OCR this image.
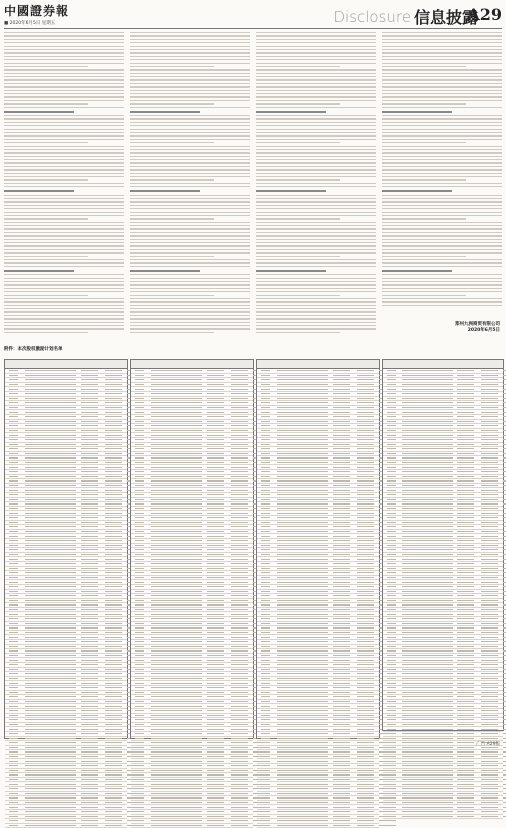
中國證券報
■ 2020年6月5日 星期五	Disclosure 信息披露
A29
郑州九洲商贸有限公司
2020年6月5日
附件：本次股权激励计划名单
广告 A29版
